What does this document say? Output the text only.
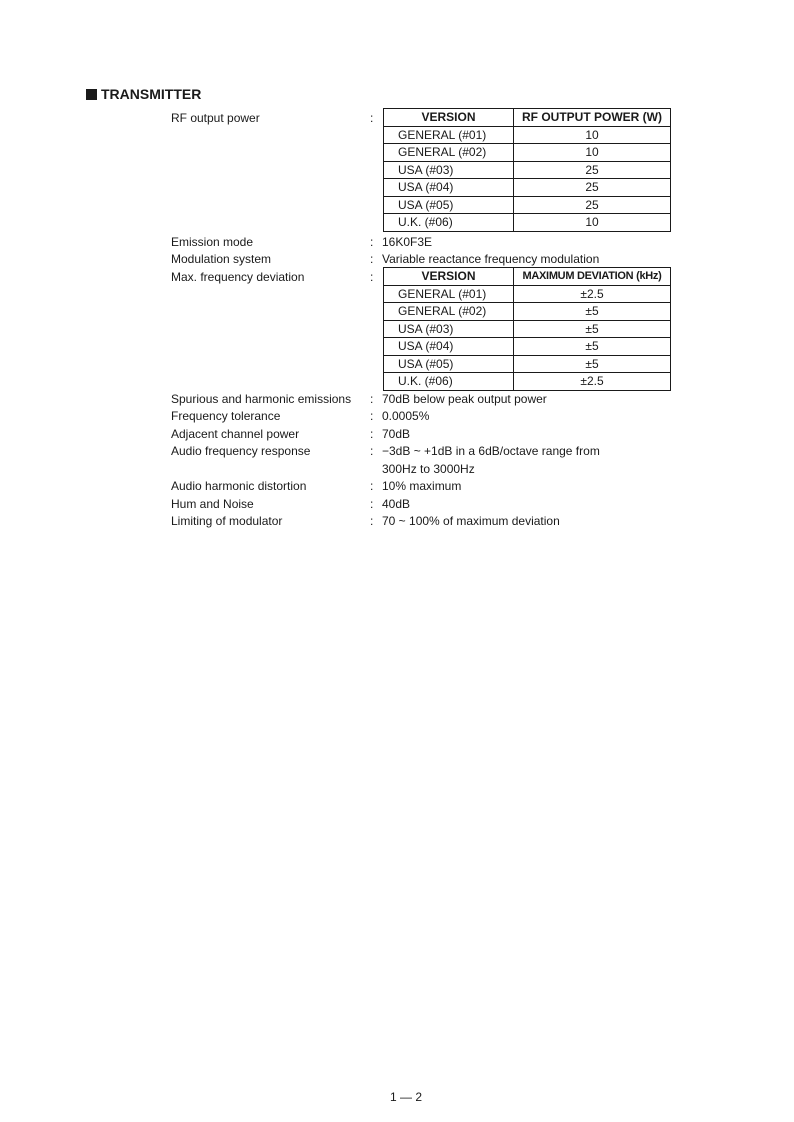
TRANSMITTER
RF output power	:	VERSION	RF OUTPUT POWER (W)
GENERAL (#01)	10
GENERAL (#02)	10
USA (#03)	25
USA (#04)	25
USA (#05)	25
U.K. (#06)	10
Emission mode	: 16K0F3E
Modulation system	: Variable reactance frequency modulation
Max. frequency deviation	:	VERSION	MAXIMUM DEVIATION (kHz)
GENERAL (#01)	±2.5
GENERAL (#02)	±5
USA (#03)	±5
USA (#04)	±5
USA (#05)	±5
U.K. (#06)	±2.5
Spurious and harmonic emissions : 70dB below peak output power
Frequency tolerance	: 0.0005%
Adjacent channel power	: 70dB
Audio frequency response	: −3dB ~ +1dB in a 6dB/octave range from
300Hz to 3000Hz
Audio harmonic distortion	: 10% maximum
Hum and Noise	: 40dB
Limiting of modulator	: 70 ~ 100% of maximum deviation
1 — 2
